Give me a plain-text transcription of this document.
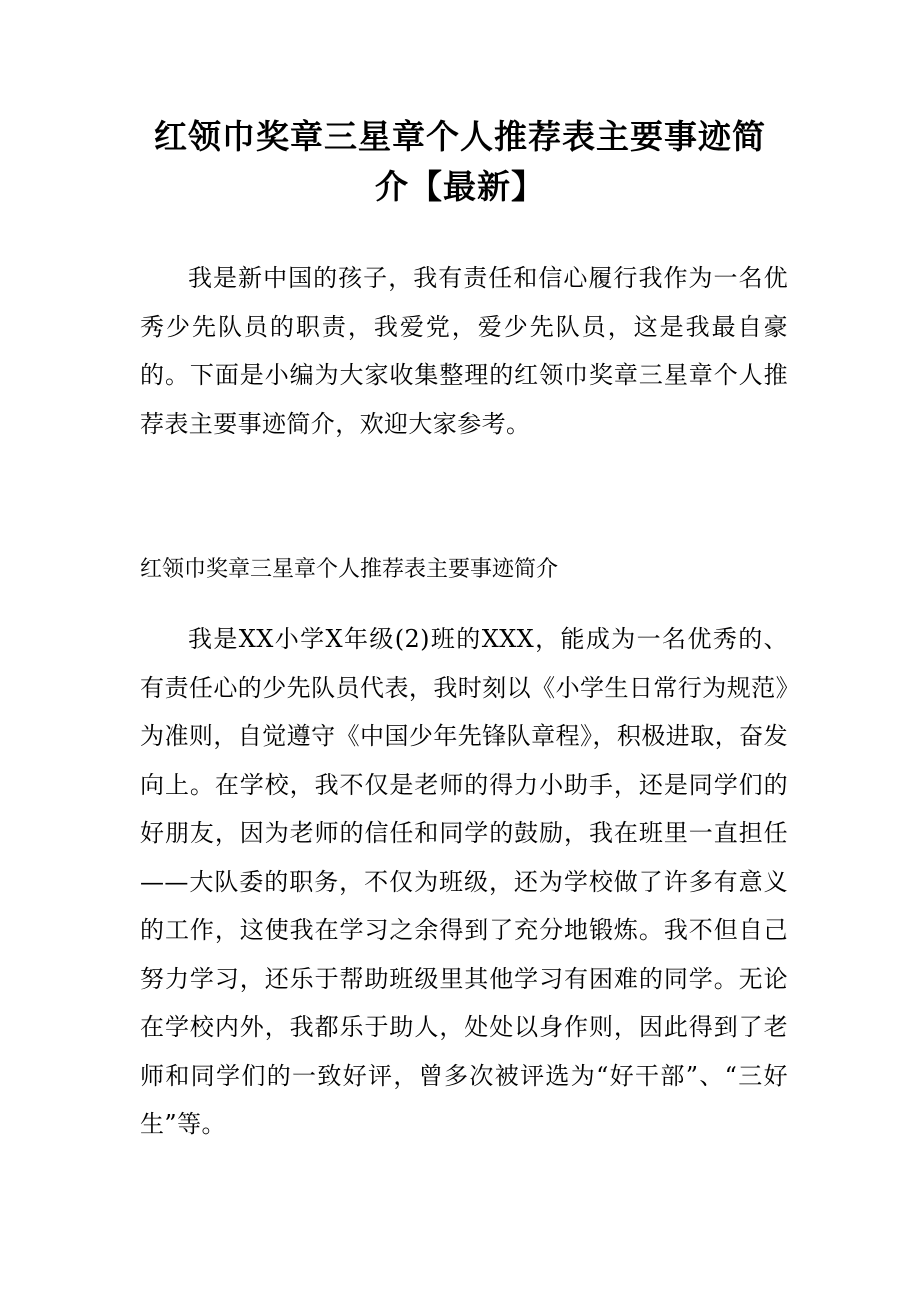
红领巾奖章三星章个人推荐表主要事迹简介【最新】

我是新中国的孩子，我有责任和信心履行我作为一名优秀少先队员的职责，我爱党，爱少先队员，这是我最自豪的。下面是小编为大家收集整理的红领巾奖章三星章个人推荐表主要事迹简介，欢迎大家参考。

红领巾奖章三星章个人推荐表主要事迹简介

我是XX小学X年级(2)班的XXX，能成为一名优秀的、有责任心的少先队员代表，我时刻以《小学生日常行为规范》为准则，自觉遵守《中国少年先锋队章程》，积极进取，奋发向上。在学校，我不仅是老师的得力小助手，还是同学们的好朋友，因为老师的信任和同学的鼓励，我在班里一直担任——大队委的职务，不仅为班级，还为学校做了许多有意义的工作，这使我在学习之余得到了充分地锻炼。我不但自己努力学习，还乐于帮助班级里其他学习有困难的同学。无论在学校内外，我都乐于助人，处处以身作则，因此得到了老师和同学们的一致好评，曾多次被评选为“好干部”、“三好生”等。
